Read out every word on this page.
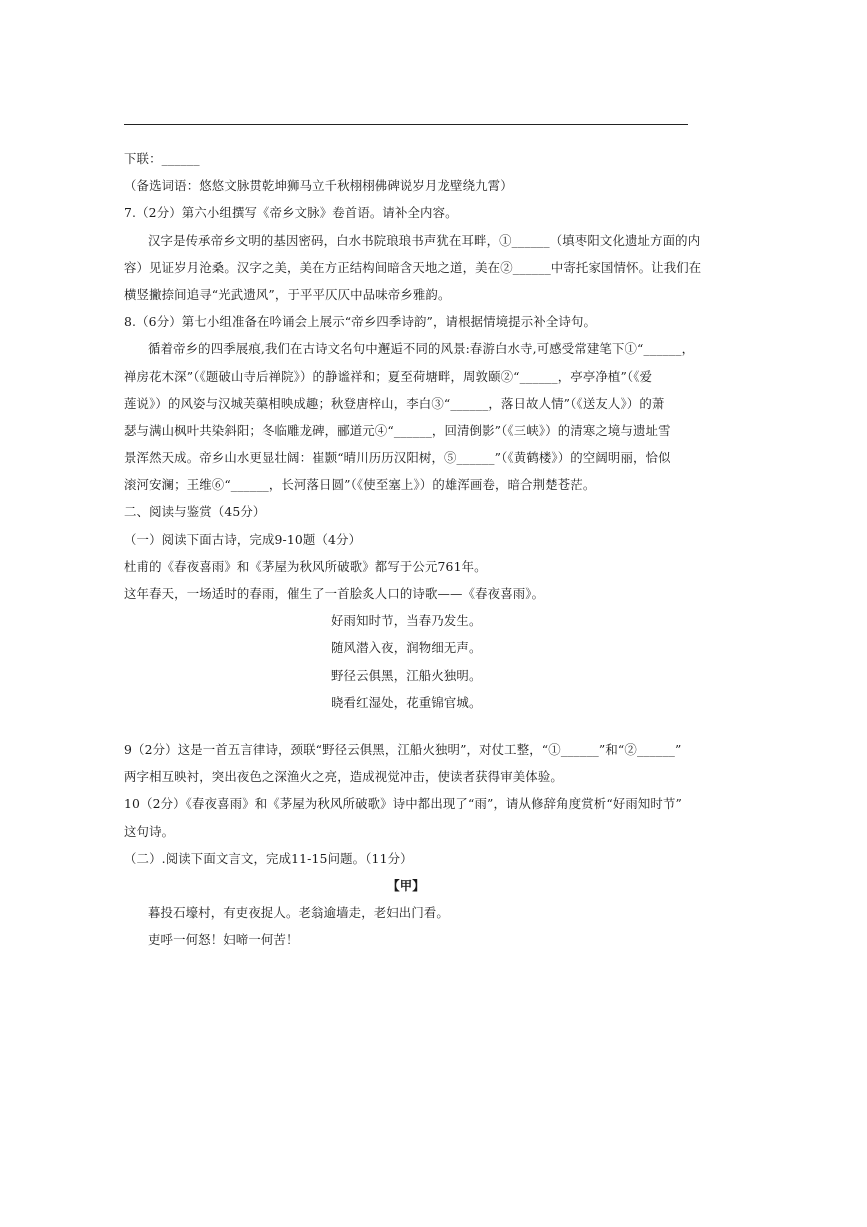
下联：______
（备选词语：悠悠文脉贯乾坤狮马立千秋栩栩佛碑说岁月龙壁绕九霄）
7.（2分）第六小组撰写《帝乡文脉》卷首语。请补全内容。
汉字是传承帝乡文明的基因密码，白水书院琅琅书声犹在耳畔，①______（填枣阳文化遗址方面的内
容）见证岁月沧桑。汉字之美，美在方正结构间暗含天地之道，美在②______中寄托家国情怀。让我们在
横竖撇捺间追寻“光武遗风”，于平平仄仄中品味帝乡雅韵。
8.（6分）第七小组准备在吟诵会上展示“帝乡四季诗韵”，请根据情境提示补全诗句。
循着帝乡的四季展痕,我们在古诗文名句中邂逅不同的风景:春游白水寺,可感受常建笔下①“______，
禅房花木深”（《题破山寺后禅院》）的静谧祥和；夏至荷塘畔，周敦颐②“______，亭亭净植”（《爱
莲说》）的风姿与汉城芙蕖相映成趣；秋登唐梓山，李白③“______，落日故人情”（《送友人》）的萧
瑟与满山枫叶共染斜阳；冬临雕龙碑，郦道元④“______，回清倒影”（《三峡》）的清寒之境与遗址雪
景浑然天成。帝乡山水更显壮阔：崔颢“晴川历历汉阳树，⑤______”（《黄鹤楼》）的空阔明丽，恰似
滚河安澜；王维⑥“______，长河落日圆”（《使至塞上》）的雄浑画卷，暗合荆楚苍茫。
二、阅读与鉴赏（45分）
（一）阅读下面古诗，完成9-10题（4分）
杜甫的《春夜喜雨》和《茅屋为秋风所破歌》都写于公元761年。
这年春天，一场适时的春雨，催生了一首脍炙人口的诗歌——《春夜喜雨》。
好雨知时节，当春乃发生。
随风潜入夜，润物细无声。
野径云俱黑，江船火独明。
晓看红湿处，花重锦官城。
9（2分）这是一首五言律诗，颈联“野径云俱黑，江船火独明”，对仗工整，“①______”和“②______”
两字相互映衬，突出夜色之深渔火之亮，造成视觉冲击，使读者获得审美体验。
10（2分）《春夜喜雨》和《茅屋为秋风所破歌》诗中都出现了“雨”，请从修辞角度赏析“好雨知时节”
这句诗。
（二）.阅读下面文言文，完成11-15问题。（11分）
【甲】
暮投石壕村，有吏夜捉人。老翁逾墙走，老妇出门看。
吏呼一何怒！妇啼一何苦！
